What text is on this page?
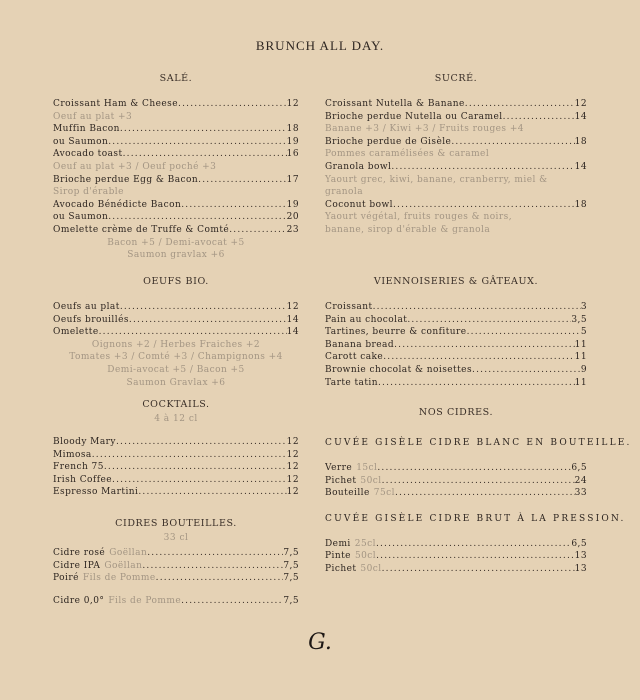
BRUNCH ALL DAY.
SALÉ.
Croissant Ham & Cheese .....	12
Oeuf au plat +3
Muffin Bacon .....	18
ou Saumon .....	19
Avocado toast .....	16
Oeuf au plat +3 / Oeuf poché +3
Brioche perdue Egg & Bacon .....	17
Sirop d'érable
Avocado Bénédicte Bacon .....	19
ou Saumon .....	20
Omelette crème de Truffe & Comté .....	23
Bacon +5 / Demi-avocat +5
Saumon gravlax +6
OEUFS BIO.
Oeufs au plat .....	12
Oeufs brouillés .....	14
Omelette .....	14
Oignons +2 / Herbes Fraiches +2
Tomates +3 / Comté +3 / Champignons +4
Demi-avocat +5 / Bacon +5
Saumon Gravlax +6
COCKTAILS.
4 à 12 cl
Bloody Mary .....	12
Mimosa .....	12
French 75 .....	12
Irish Coffee .....	12
Espresso Martini .....	12
CIDRES BOUTEILLES.
33 cl
Cidre rosé Goëllan .....	7,5
Cidre IPA Goëllan .....	7,5
Poiré Fils de Pomme .....	7,5
Cidre 0,0° Fils de Pomme .....	7,5
SUCRÉ.
Croissant Nutella & Banane .....	12
Brioche perdue Nutella ou Caramel .....	14
Banane +3 / Kiwi +3 / Fruits rouges +4
Brioche perdue de Gisèle .....	18
Pommes caramélisées & caramel
Granola bowl .....	14
Yaourt grec, kiwi, banane, cranberry, miel & granola
Coconut bowl .....	18
Yaourt végétal, fruits rouges & noirs, banane, sirop d'érable & granola
VIENNOISERIES & GÂTEAUX.
Croissant .....	3
Pain au chocolat .....	3,5
Tartines, beurre & confiture .....	5
Banana bread .....	11
Carott cake .....	11
Brownie chocolat & noisettes .....	9
Tarte tatin .....	11
NOS CIDRES.
CUVÉE GISÈLE CIDRE BLANC EN BOUTEILLE.
Verre 15cl .....	6,5
Pichet 50cl .....	24
Bouteille 75cl .....	33
CUVÉE GISÈLE CIDRE BRUT À LA PRESSION.
Demi 25cl .....	6,5
Pinte 50cl .....	13
Pichet 50cl .....	13
G.
